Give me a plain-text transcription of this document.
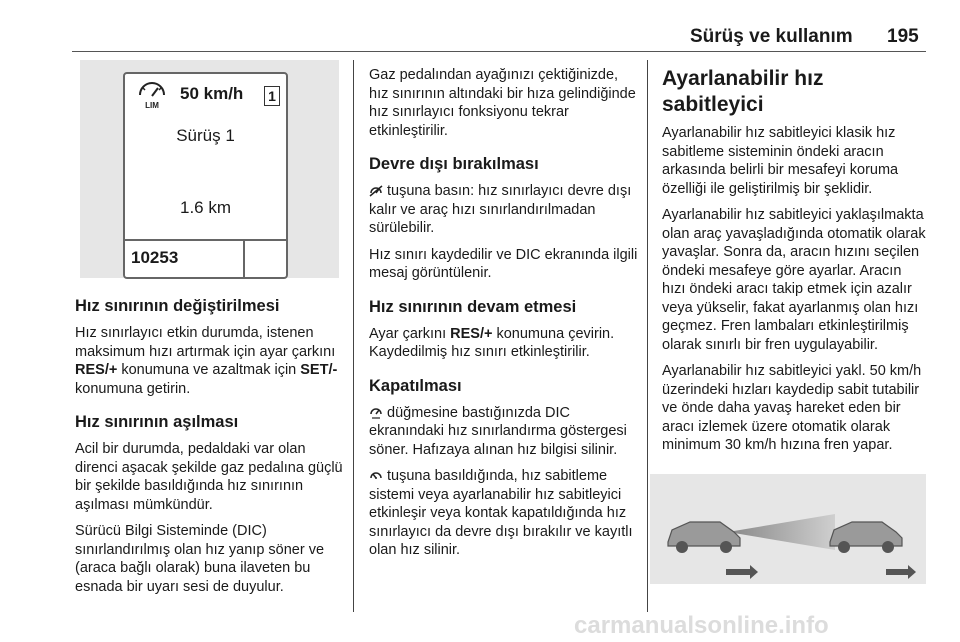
Sürüş ve kullanım 195
LIM
50 km/h 1
Sürüş 1
1.6 km
10253
Hız sınırının değiştirilmesi

Hız sınırlayıcı etkin durumda, istenen maksimum hızı artırmak için ayar çarkını RES/+ konumuna ve azaltmak için SET/- konumuna getirin.

Hız sınırının aşılması

Acil bir durumda, pedaldaki var olan direnci aşacak şekilde gaz pedalına güçlü bir şekilde basıldığında hız sınırının aşılması mümkündür.

Sürücü Bilgi Sisteminde (DIC) sınırlandırılmış olan hız yanıp söner ve (araca bağlı olarak) buna ilaveten bu esnada bir uyarı sesi de duyulur.

Gaz pedalından ayağınızı çektiğinizde, hız sınırının altındaki bir hıza gelindiğinde hız sınırlayıcı fonksiyonu tekrar etkinleştirilir.

Devre dışı bırakılması

tuşuna basın: hız sınırlayıcı devre dışı kalır ve araç hızı sınırlandırılmadan sürülebilir.

Hız sınırı kaydedilir ve DIC ekranında ilgili mesaj görüntülenir.

Hız sınırının devam etmesi

Ayar çarkını RES/+ konumuna çevirin. Kaydedilmiş hız sınırı etkinleştirilir.

Kapatılması

düğmesine bastığınızda DIC ekranındaki hız sınırlandırma göstergesi söner. Hafızaya alınan hız bilgisi silinir.

tuşuna basıldığında, hız sabitleme sistemi veya ayarlanabilir hız sabitleyici etkinleşir veya kontak kapatıldığında hız sınırlayıcı da devre dışı bırakılır ve kayıtlı olan hız silinir.

Ayarlanabilir hız sabitleyici

Ayarlanabilir hız sabitleyici klasik hız sabitleme sisteminin öndeki aracın arkasında belirli bir mesafeyi koruma özelliği ile geliştirilmiş bir şeklidir.

Ayarlanabilir hız sabitleyici yaklaşılmakta olan araç yavaşladığında otomatik olarak yavaşlar. Sonra da, aracın hızını seçilen öndeki mesafeye göre ayarlar. Aracın hızı öndeki aracı takip etmek için azalır veya yükselir, fakat ayarlanmış olan hızı geçmez. Fren lambaları etkinleştirilmiş olarak sınırlı bir fren uygulayabilir.

Ayarlanabilir hız sabitleyici yakl. 50 km/h üzerindeki hızları kaydedip sabit tutabilir ve önde daha yavaş hareket eden bir aracı izlemek üzere otomatik olarak minimum 30 km/h hızına fren yapar.

carmanualsonline.info
